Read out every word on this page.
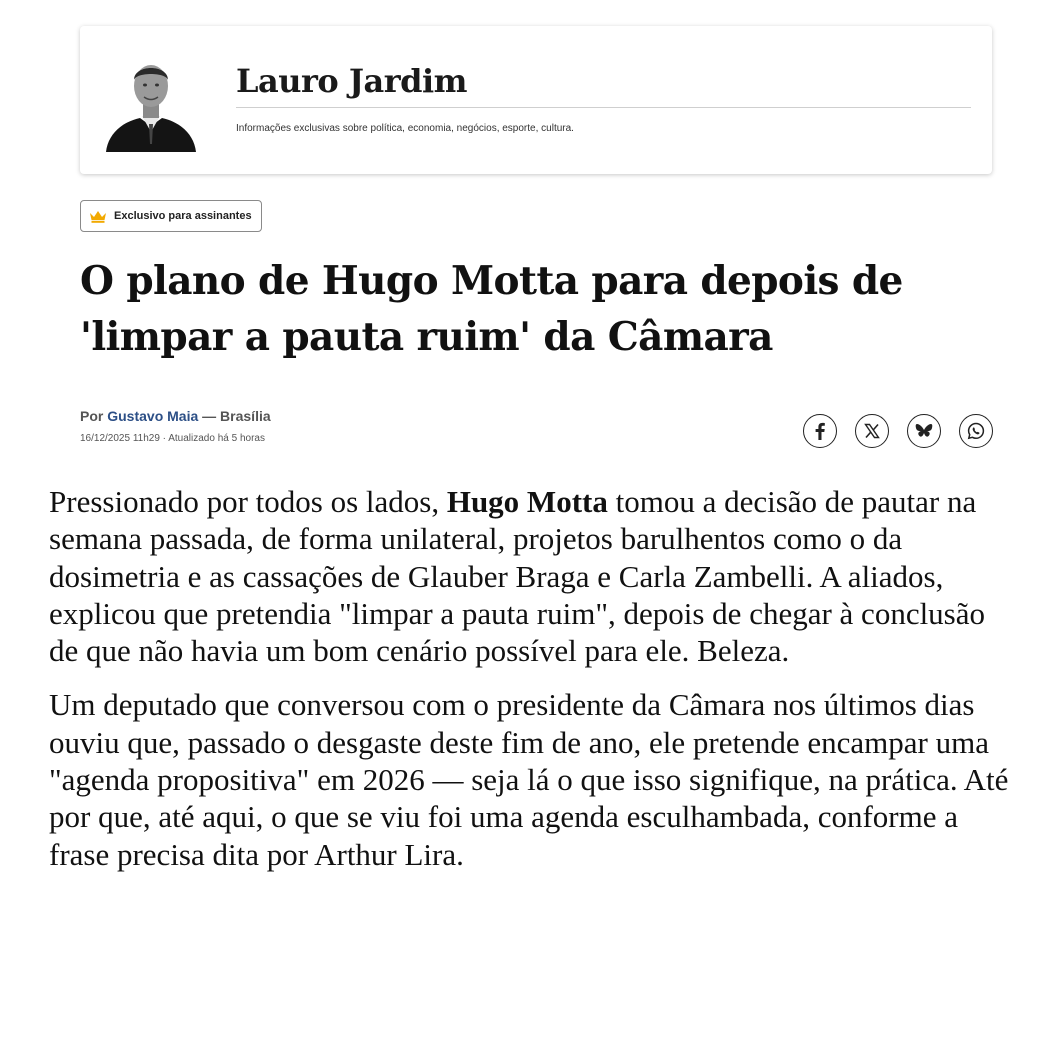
Lauro Jardim
Informações exclusivas sobre política, economia, negócios, esporte, cultura.
Exclusivo para assinantes
O plano de Hugo Motta para depois de
'limpar a pauta ruim' da Câmara
Por Gustavo Maia — Brasília
16/12/2025 11h29 · Atualizado há 5 horas

Pressionado por todos os lados, Hugo Motta tomou a decisão de pautar na semana passada, de forma unilateral, projetos barulhentos como o da dosimetria e as cassações de Glauber Braga e Carla Zambelli. A aliados, explicou que pretendia "limpar a pauta ruim", depois de chegar à conclusão de que não havia um bom cenário possível para ele. Beleza.

Um deputado que conversou com o presidente da Câmara nos últimos dias ouviu que, passado o desgaste deste fim de ano, ele pretende encampar uma "agenda propositiva" em 2026 — seja lá o que isso signifique, na prática. Até por que, até aqui, o que se viu foi uma agenda esculhambada, conforme a frase precisa dita por Arthur Lira.
